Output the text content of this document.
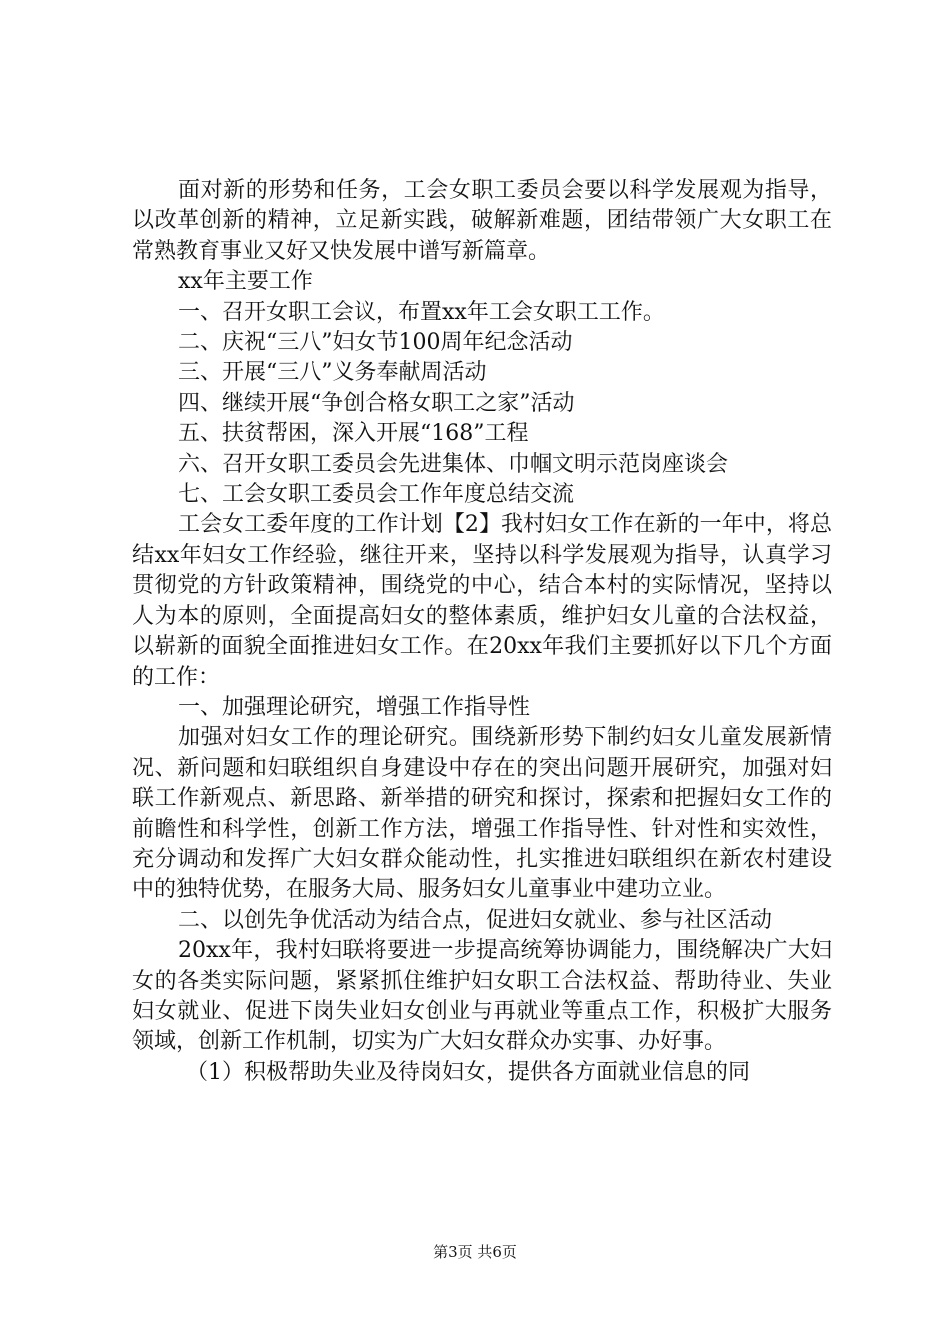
面对新的形势和任务，工会女职工委员会要以科学发展观为指导，以改革创新的精神，立足新实践，破解新难题，团结带领广大女职工在常熟教育事业又好又快发展中谱写新篇章。

xx年主要工作

一、召开女职工会议，布置xx年工会女职工工作。

二、庆祝“三八”妇女节100周年纪念活动

三、开展“三八”义务奉献周活动

四、继续开展“争创合格女职工之家”活动

五、扶贫帮困，深入开展“168”工程

六、召开女职工委员会先进集体、巾帼文明示范岗座谈会

七、工会女职工委员会工作年度总结交流

工会女工委年度的工作计划【2】我村妇女工作在新的一年中，将总结xx年妇女工作经验，继往开来，坚持以科学发展观为指导，认真学习贯彻党的方针政策精神，围绕党的中心，结合本村的实际情况，坚持以人为本的原则，全面提高妇女的整体素质，维护妇女儿童的合法权益，以崭新的面貌全面推进妇女工作。在20xx年我们主要抓好以下几个方面的工作：

一、加强理论研究，增强工作指导性

加强对妇女工作的理论研究。围绕新形势下制约妇女儿童发展新情况、新问题和妇联组织自身建设中存在的突出问题开展研究，加强对妇联工作新观点、新思路、新举措的研究和探讨，探索和把握妇女工作的前瞻性和科学性，创新工作方法，增强工作指导性、针对性和实效性，充分调动和发挥广大妇女群众能动性，扎实推进妇联组织在新农村建设中的独特优势，在服务大局、服务妇女儿童事业中建功立业。

二、以创先争优活动为结合点，促进妇女就业、参与社区活动

20xx年，我村妇联将要进一步提高统筹协调能力，围绕解决广大妇女的各类实际问题，紧紧抓住维护妇女职工合法权益、帮助待业、失业妇女就业、促进下岗失业妇女创业与再就业等重点工作，积极扩大服务领域，创新工作机制，切实为广大妇女群众办实事、办好事。

（1）积极帮助失业及待岗妇女，提供各方面就业信息的同

第3页 共6页
